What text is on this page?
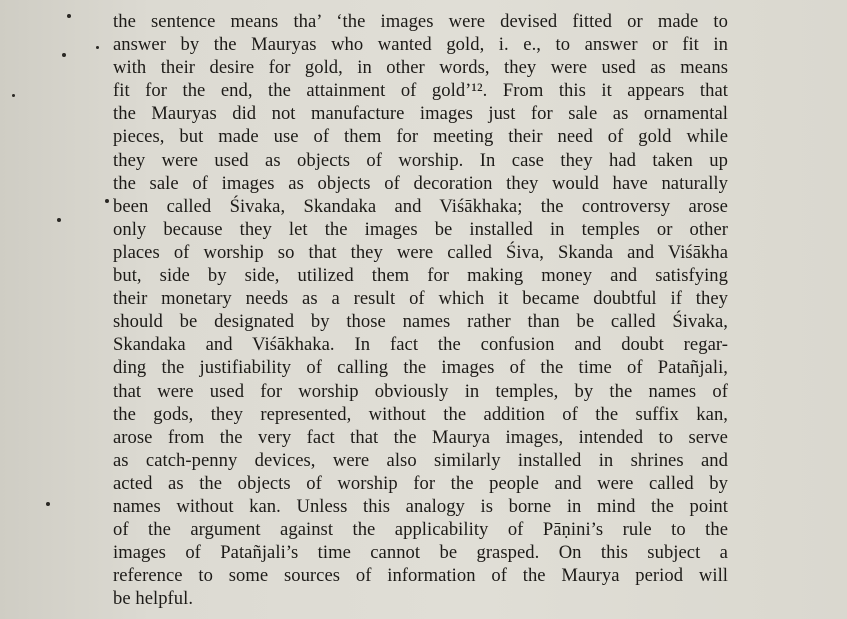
the sentence means tha’ ‘the images were devised fitted or made to
answer by the Mauryas who wanted gold, i. e., to answer or fit in
with their desire for gold, in other words, they were used as means
fit for the end, the attainment of gold’¹². From this it appears that
the Mauryas did not manufacture images just for sale as ornamental
pieces, but made use of them for meeting their need of gold while
they were used as objects of worship. In case they had taken up
the sale of images as objects of decoration they would have naturally
been called Śivaka, Skandaka and Viśākhaka; the controversy arose
only because they let the images be installed in temples or other
places of worship so that they were called Śiva, Skanda and Viśākha
but, side by side, utilized them for making money and satisfying
their monetary needs as a result of which it became doubtful if they
should be designated by those names rather than be called Śivaka,
Skandaka and Viśākhaka. In fact the confusion and doubt regar-
ding the justifiability of calling the images of the time of Patañjali,
that were used for worship obviously in temples, by the names of
the gods, they represented, without the addition of the suffix kan,
arose from the very fact that the Maurya images, intended to serve
as catch-penny devices, were also similarly installed in shrines and
acted as the objects of worship for the people and were called by
names without kan. Unless this analogy is borne in mind the point
of the argument against the applicability of Pāṇini’s rule to the
images of Patañjali’s time cannot be grasped. On this subject a
reference to some sources of information of the Maurya period will
be helpful.
